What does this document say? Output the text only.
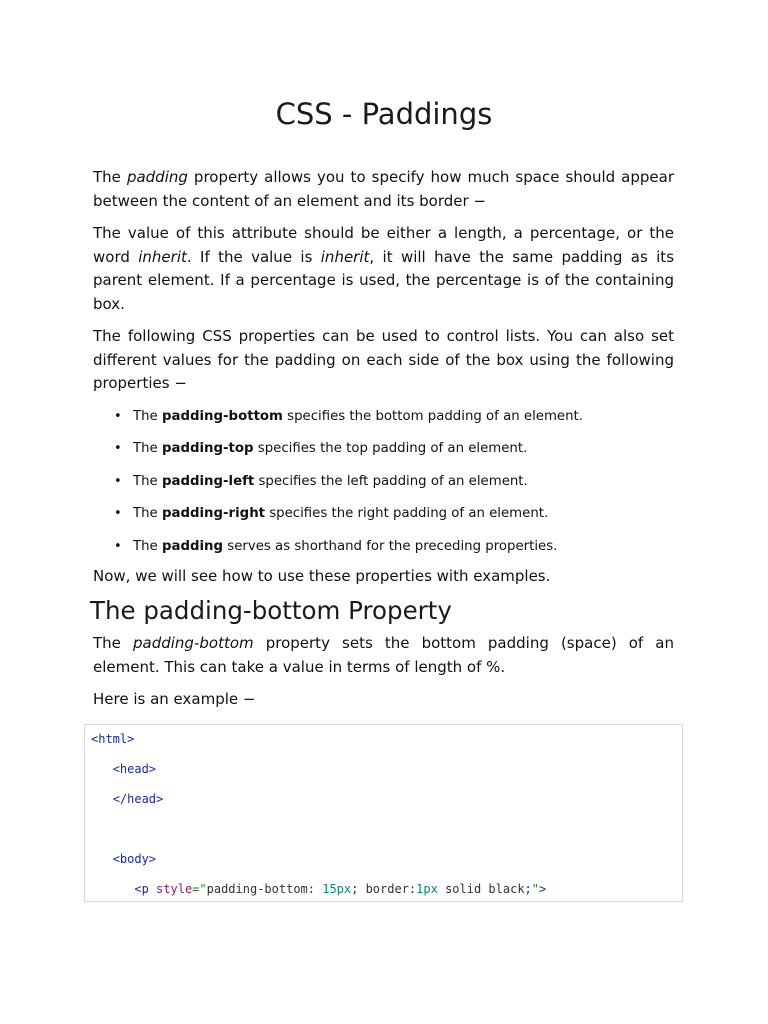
CSS - Paddings

The padding property allows you to specify how much space should appear between the content of an element and its border −

The value of this attribute should be either a length, a percentage, or the word inherit. If the value is inherit, it will have the same padding as its parent element. If a percentage is used, the percentage is of the containing box.

The following CSS properties can be used to control lists. You can also set different values for the padding on each side of the box using the following properties −

• The padding-bottom specifies the bottom padding of an element.
• The padding-top specifies the top padding of an element.
• The padding-left specifies the left padding of an element.
• The padding-right specifies the right padding of an element.
• The padding serves as shorthand for the preceding properties.

Now, we will see how to use these properties with examples.

The padding-bottom Property

The padding-bottom property sets the bottom padding (space) of an element. This can take a value in terms of length of %.

Here is an example −

<html>
<head>
</head>
<body>
<p style="padding-bottom: 15px; border:1px solid black;">
